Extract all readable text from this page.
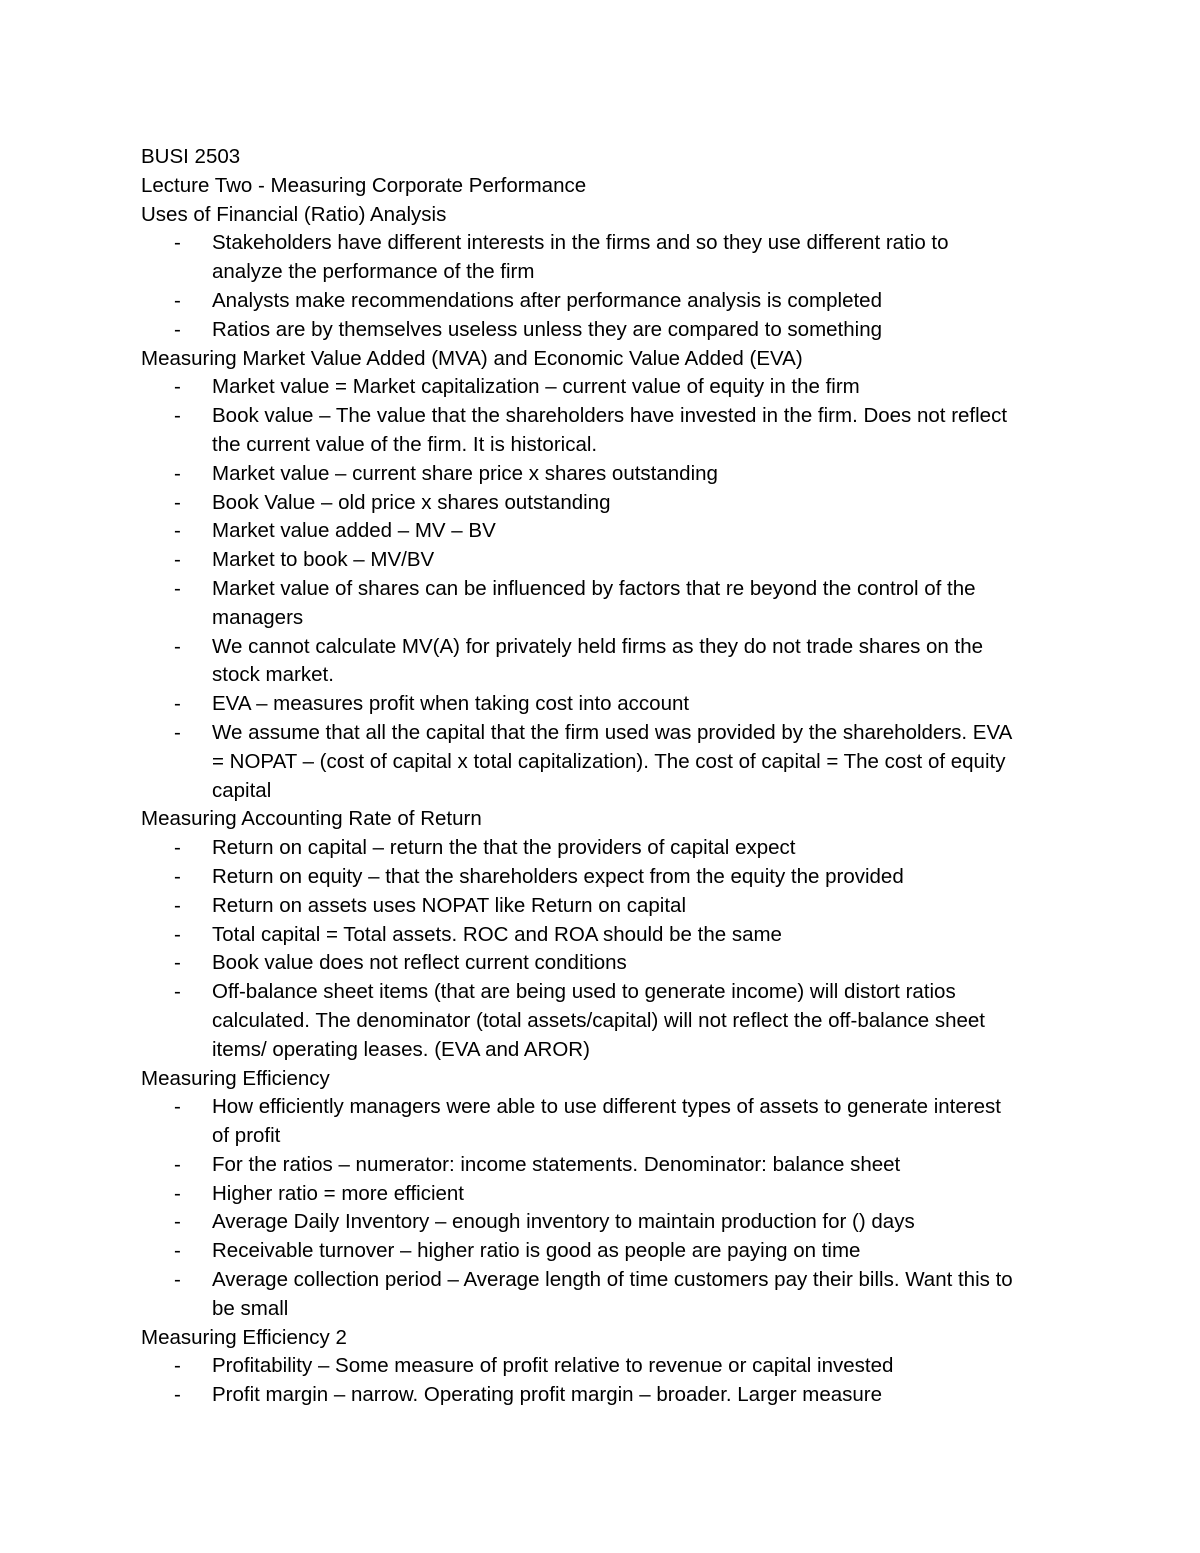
BUSI 2503

Lecture Two - Measuring Corporate Performance

Uses of Financial (Ratio) Analysis

- Stakeholders have different interests in the firms and so they use different ratio to
analyze the performance of the firm
- Analysts make recommendations after performance analysis is completed
- Ratios are by themselves useless unless they are compared to something

Measuring Market Value Added (MVA) and Economic Value Added (EVA)

- Market value = Market capitalization – current value of equity in the firm
- Book value – The value that the shareholders have invested in the firm. Does not reflect
the current value of the firm. It is historical.
- Market value – current share price x shares outstanding
- Book Value – old price x shares outstanding
- Market value added – MV – BV
- Market to book – MV/BV
- Market value of shares can be influenced by factors that re beyond the control of the
managers
- We cannot calculate MV(A) for privately held firms as they do not trade shares on the
stock market.
- EVA – measures profit when taking cost into account
- We assume that all the capital that the firm used was provided by the shareholders. EVA
= NOPAT – (cost of capital x total capitalization). The cost of capital = The cost of equity
capital

Measuring Accounting Rate of Return

- Return on capital – return the that the providers of capital expect
- Return on equity – that the shareholders expect from the equity the provided
- Return on assets uses NOPAT like Return on capital
- Total capital = Total assets. ROC and ROA should be the same
- Book value does not reflect current conditions
- Off-balance sheet items (that are being used to generate income) will distort ratios
calculated. The denominator (total assets/capital) will not reflect the off-balance sheet
items/ operating leases. (EVA and AROR)

Measuring Efficiency

- How efficiently managers were able to use different types of assets to generate interest
of profit
- For the ratios – numerator: income statements. Denominator: balance sheet
- Higher ratio = more efficient
- Average Daily Inventory – enough inventory to maintain production for () days
- Receivable turnover – higher ratio is good as people are paying on time
- Average collection period – Average length of time customers pay their bills. Want this to
be small

Measuring Efficiency 2

- Profitability – Some measure of profit relative to revenue or capital invested
- Profit margin – narrow. Operating profit margin – broader. Larger measure
